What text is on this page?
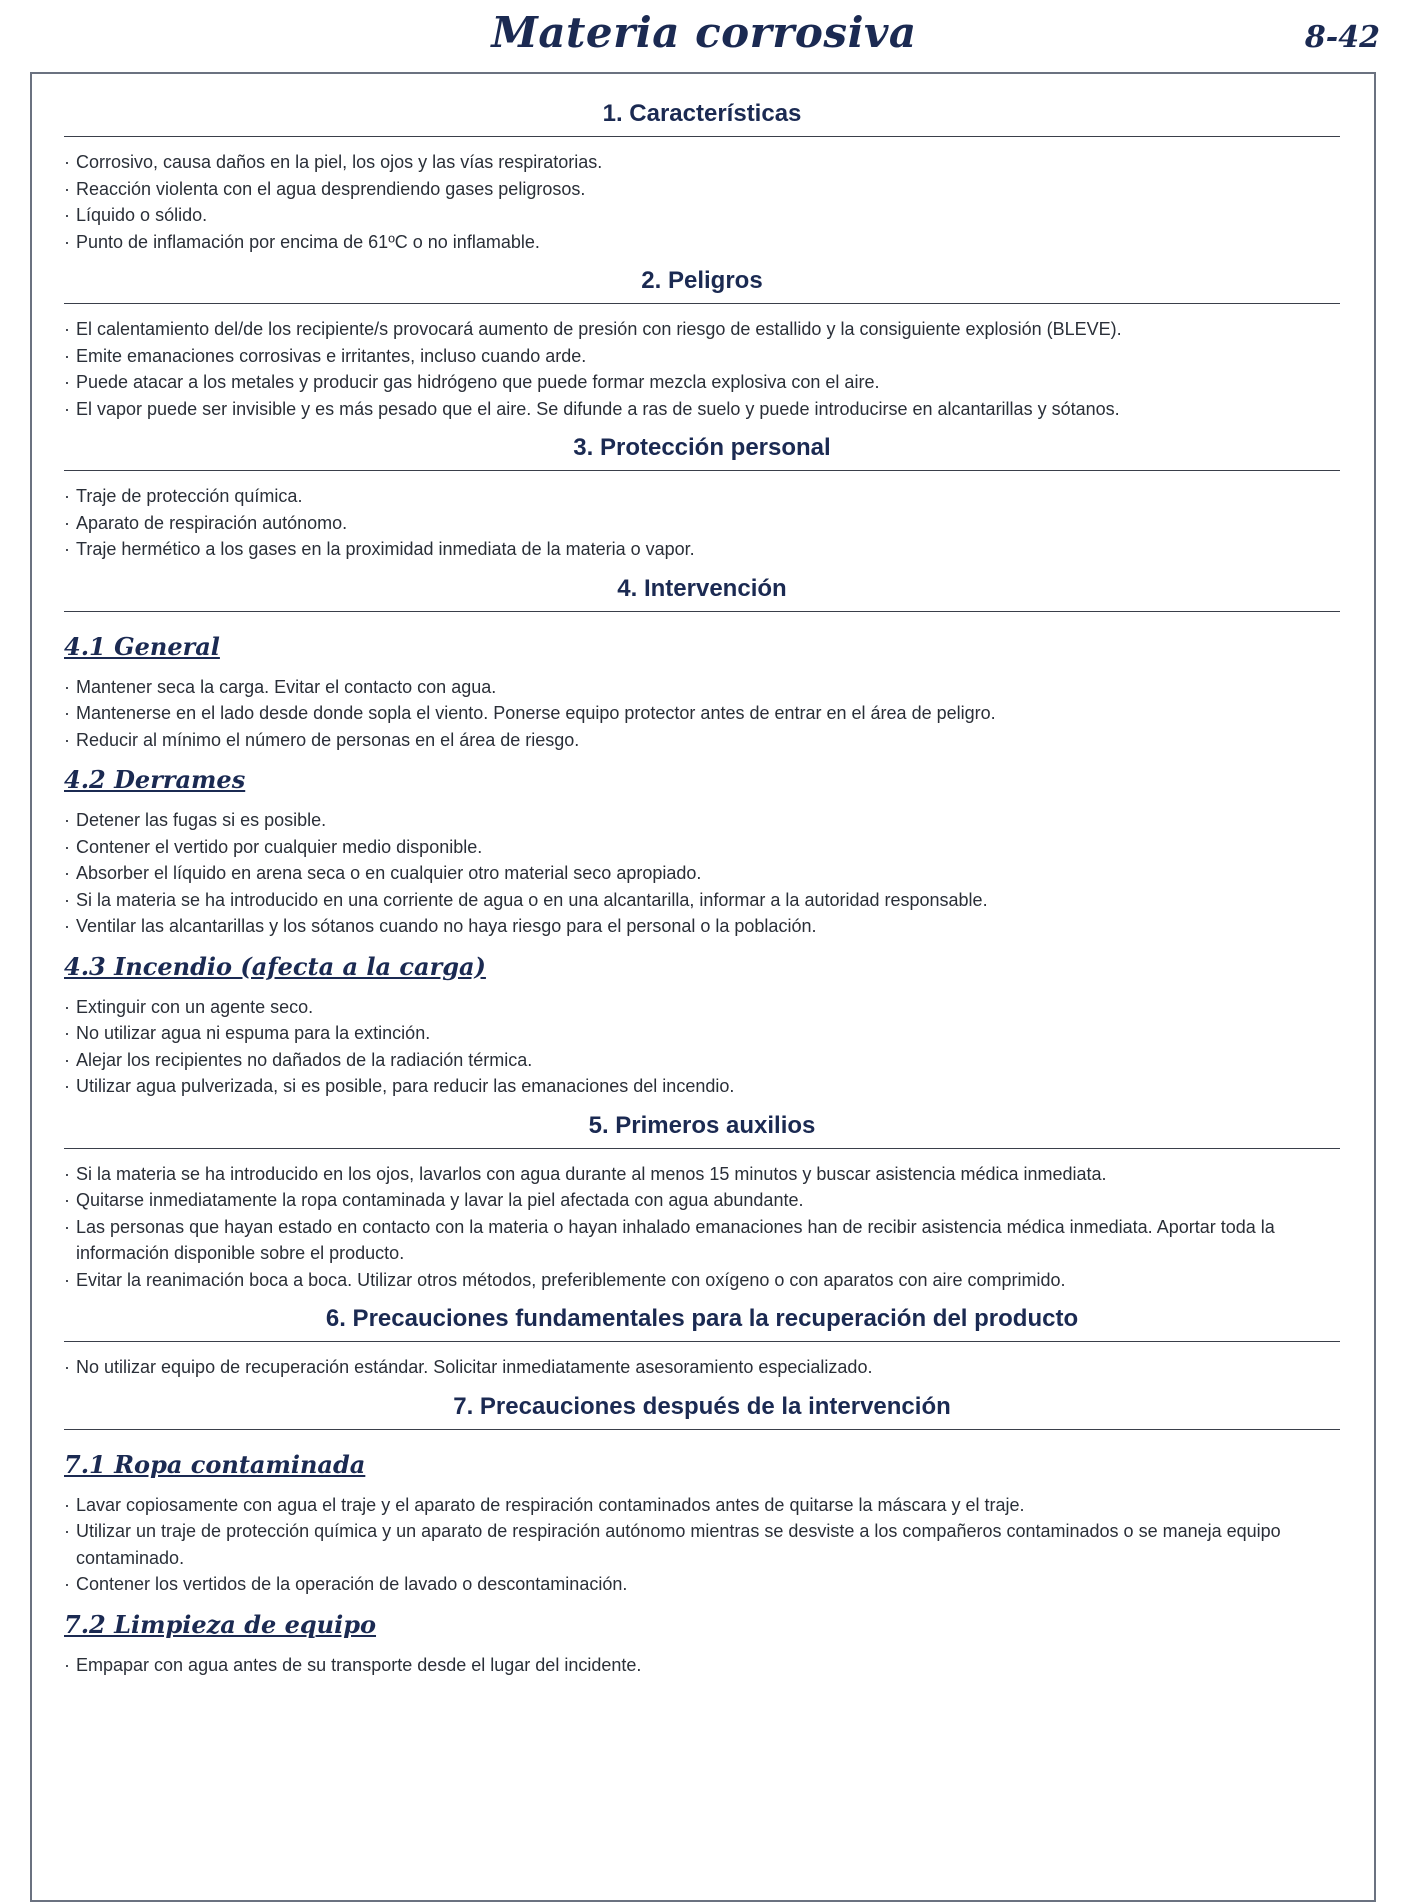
Materia corrosiva	8-42
1. Características
· Corrosivo, causa daños en la piel, los ojos y las vías respiratorias.
· Reacción violenta con el agua desprendiendo gases peligrosos.
· Líquido o sólido.
· Punto de inflamación por encima de 61ºC o no inflamable.
2. Peligros
· El calentamiento del/de los recipiente/s provocará aumento de presión con riesgo de estallido y la consiguiente explosión (BLEVE).
· Emite emanaciones corrosivas e irritantes, incluso cuando arde.
· Puede atacar a los metales y producir gas hidrógeno que puede formar mezcla explosiva con el aire.
· El vapor puede ser invisible y es más pesado que el aire. Se difunde a ras de suelo y puede introducirse en alcantarillas y sótanos.
3. Protección personal
· Traje de protección química.
· Aparato de respiración autónomo.
· Traje hermético a los gases en la proximidad inmediata de la materia o vapor.
4. Intervención
4.1 General
· Mantener seca la carga. Evitar el contacto con agua.
· Mantenerse en el lado desde donde sopla el viento. Ponerse equipo protector antes de entrar en el área de peligro.
· Reducir al mínimo el número de personas en el área de riesgo.
4.2 Derrames
· Detener las fugas si es posible.
· Contener el vertido por cualquier medio disponible.
· Absorber el líquido en arena seca o en cualquier otro material seco apropiado.
· Si la materia se ha introducido en una corriente de agua o en una alcantarilla, informar a la autoridad responsable.
· Ventilar las alcantarillas y los sótanos cuando no haya riesgo para el personal o la población.
4.3 Incendio (afecta a la carga)
· Extinguir con un agente seco.
· No utilizar agua ni espuma para la extinción.
· Alejar los recipientes no dañados de la radiación térmica.
· Utilizar agua pulverizada, si es posible, para reducir las emanaciones del incendio.
5. Primeros auxilios
· Si la materia se ha introducido en los ojos, lavarlos con agua durante al menos 15 minutos y buscar asistencia médica inmediata.
· Quitarse inmediatamente la ropa contaminada y lavar la piel afectada con agua abundante.
· Las personas que hayan estado en contacto con la materia o hayan inhalado emanaciones han de recibir asistencia médica inmediata. Aportar toda la información disponible sobre el producto.
· Evitar la reanimación boca a boca. Utilizar otros métodos, preferiblemente con oxígeno o con aparatos con aire comprimido.
6. Precauciones fundamentales para la recuperación del producto
· No utilizar equipo de recuperación estándar. Solicitar inmediatamente asesoramiento especializado.
7. Precauciones después de la intervención
7.1 Ropa contaminada
· Lavar copiosamente con agua el traje y el aparato de respiración contaminados antes de quitarse la máscara y el traje.
· Utilizar un traje de protección química y un aparato de respiración autónomo mientras se desviste a los compañeros contaminados o se maneja equipo contaminado.
· Contener los vertidos de la operación de lavado o descontaminación.
7.2 Limpieza de equipo
· Empapar con agua antes de su transporte desde el lugar del incidente.
